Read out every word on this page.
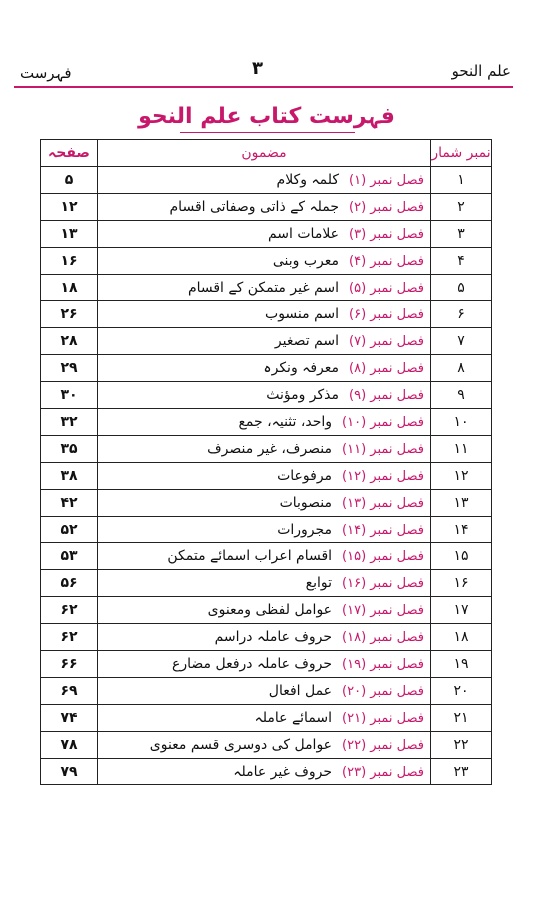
فہرست	۳	علم النحو
فہرست کتاب علم النحو
صفحہ	مضمون	نمبر شمار
۵	فصل نمبر (۱)کلمہ وکلام	۱
۱۲	فصل نمبر (۲)جملہ کے ذاتی وصفاتی اقسام	۲
۱۳	فصل نمبر (۳)علامات اسم	۳
۱۶	فصل نمبر (۴)معرب وبنی	۴
۱۸	فصل نمبر (۵)اسم غیر متمکن کے اقسام	۵
۲۶	فصل نمبر (۶)اسم منسوب	۶
۲۸	فصل نمبر (۷)اسم تصغیر	۷
۲۹	فصل نمبر (۸)معرفہ ونکرہ	۸
۳۰	فصل نمبر (۹)مذکر ومؤنث	۹
۳۲	فصل نمبر (۱۰)واحد، تثنیہ، جمع	۱۰
۳۵	فصل نمبر (۱۱)منصرف، غیر منصرف	۱۱
۳۸	فصل نمبر (۱۲)مرفوعات	۱۲
۴۲	فصل نمبر (۱۳)منصوبات	۱۳
۵۲	فصل نمبر (۱۴)مجرورات	۱۴
۵۳	فصل نمبر (۱۵)اقسام اعراب اسمائے متمکن	۱۵
۵۶	فصل نمبر (۱۶)توابع	۱۶
۶۲	فصل نمبر (۱۷)عوامل لفظی ومعنوی	۱۷
۶۲	فصل نمبر (۱۸)حروف عاملہ دراسم	۱۸
۶۶	فصل نمبر (۱۹)حروف عاملہ درفعل مضارع	۱۹
۶۹	فصل نمبر (۲۰)عمل افعال	۲۰
۷۴	فصل نمبر (۲۱)اسمائے عاملہ	۲۱
۷۸	فصل نمبر (۲۲)عوامل کی دوسری قسم معنوی	۲۲
۷۹	فصل نمبر (۲۳)حروف غیر عاملہ	۲۳
